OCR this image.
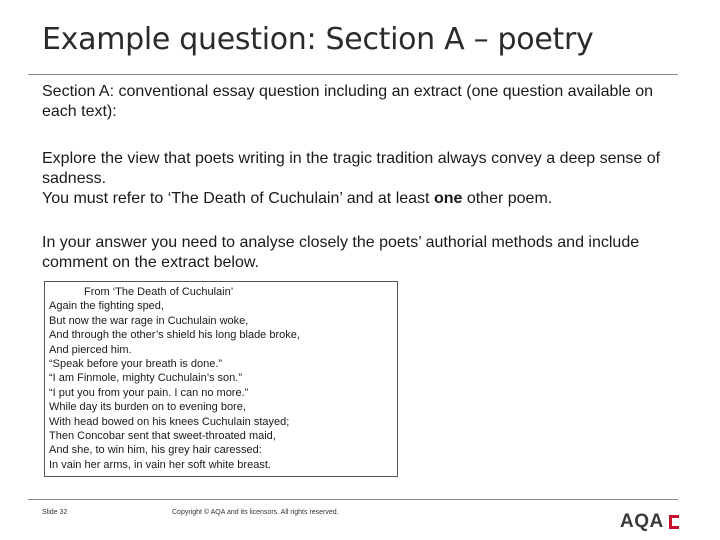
Example question: Section A – poetry
Section A: conventional essay question including an extract (one question available on each text):
Explore the view that poets writing in the tragic tradition always convey a deep sense of sadness.
You must refer to ‘The Death of Cuchulain’ and at least one other poem.
In your answer you need to analyse closely the poets’ authorial methods and include comment on the extract below.
From ‘The Death of Cuchulain’
Again the fighting sped,
But now the war rage in Cuchulain woke,
And through the other’s shield his long blade broke,
And pierced him.
“Speak before your breath is done.”
“I am Finmole, mighty Cuchulain’s son.”
“I put you from your pain. I can no more.”
While day its burden on to evening bore,
With head bowed on his knees Cuchulain stayed;
Then Concobar sent that sweet-throated maid,
And she, to win him, his grey hair caressed:
In vain her arms, in vain her soft white breast.
Slide 32	Copyright © AQA and its licensors. All rights reserved.	AQA
